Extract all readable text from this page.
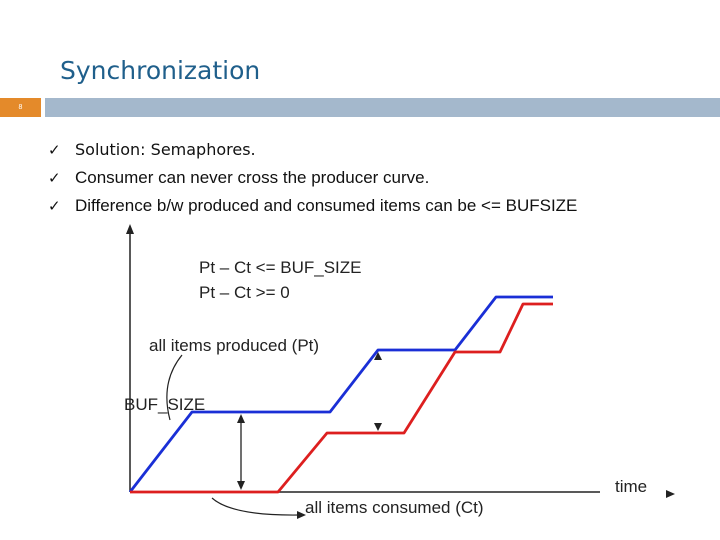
Synchronization
8
✓ Solution: Semaphores.
✓ Consumer can never cross the producer curve.
✓ Difference b/w produced and consumed items can be <= BUFSIZE
Pt – Ct <= BUF_SIZE
Pt – Ct >= 0
all items produced (Pt)
BUF_SIZE
all items consumed (Ct)
time
